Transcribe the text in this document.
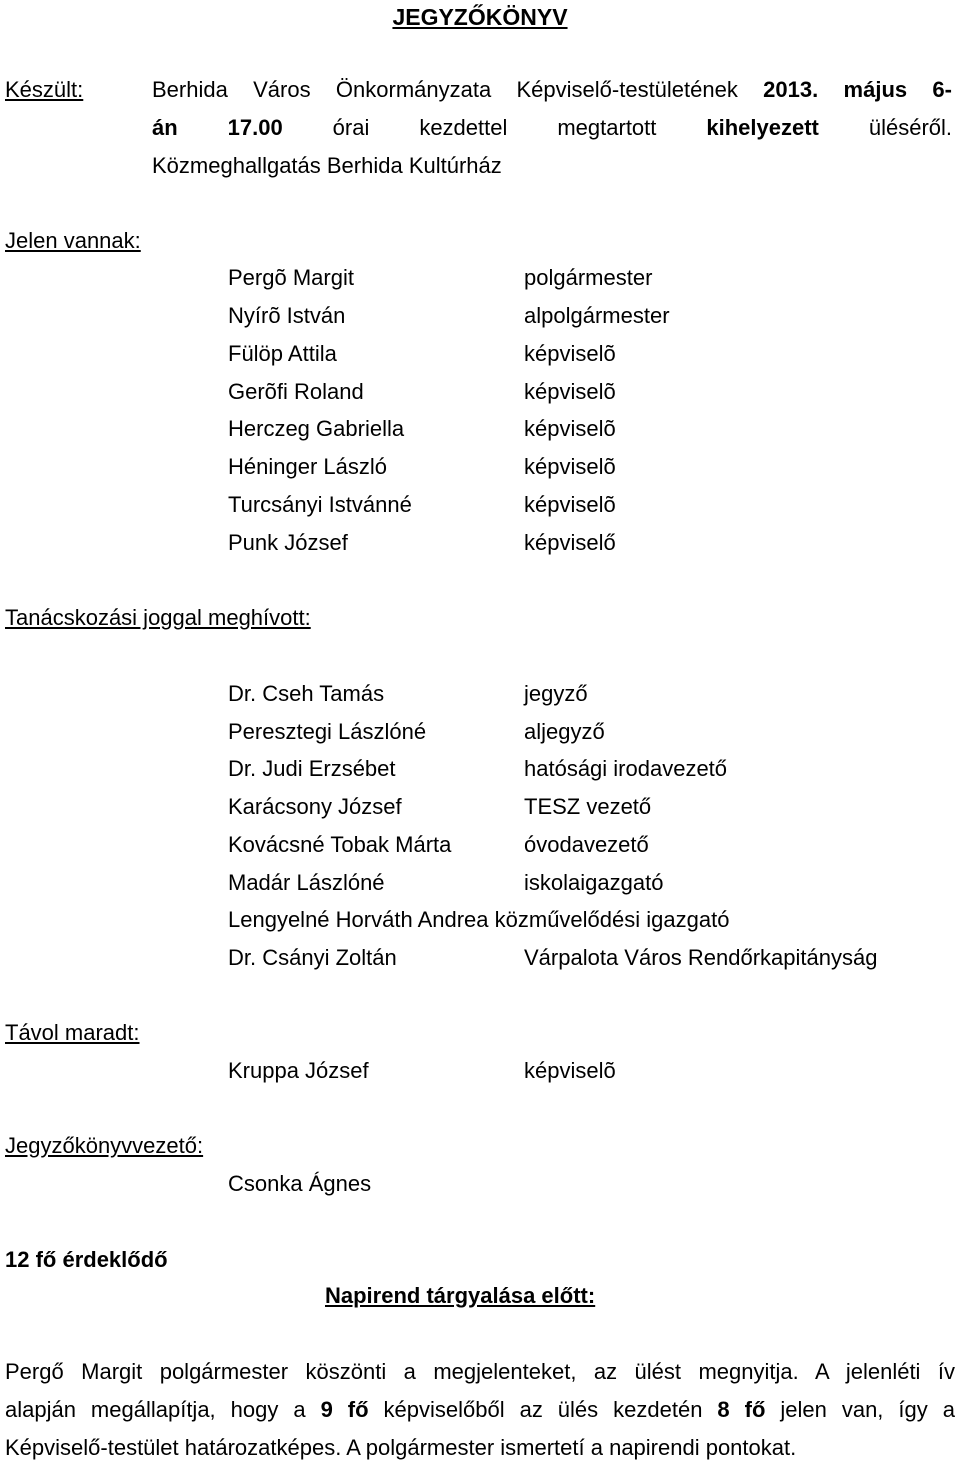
JEGYZŐKÖNYV
Készült:	Berhida Város Önkormányzata Képviselő-testületének 2013. május 6-
án 17.00 órai kezdettel megtartott kihelyezett üléséről.
Közmeghallgatás Berhida Kultúrház
Jelen vannak:
Pergõ Margit	polgármester
Nyírõ István	alpolgármester
Fülöp Attila	képviselõ
Gerõfi Roland	képviselõ
Herczeg Gabriella	képviselõ
Héninger László	képviselõ
Turcsányi Istvánné	képviselõ
Punk József	képviselő
Tanácskozási joggal meghívott:
Dr. Cseh Tamás	jegyző
Peresztegi Lászlóné	aljegyző
Dr. Judi Erzsébet	hatósági irodavezető
Karácsony József	TESZ vezető
Kovácsné Tobak Márta	óvodavezető
Madár Lászlóné	iskolaigazgató
Lengyelné Horváth Andrea közművelődési igazgató
Dr. Csányi Zoltán	Várpalota Város Rendőrkapitányság
Távol maradt:
Kruppa József	képviselõ
Jegyzőkönyvvezető:
Csonka Ágnes
12 fő érdeklődő
Napirend tárgyalása előtt:
Pergő Margit polgármester köszönti a megjelenteket, az ülést megnyitja. A jelenléti ív
alapján megállapítja, hogy a 9 fő képviselőből az ülés kezdetén 8 fő jelen van, így a
Képviselő-testület határozatképes. A polgármester ismertetí a napirendi pontokat.
